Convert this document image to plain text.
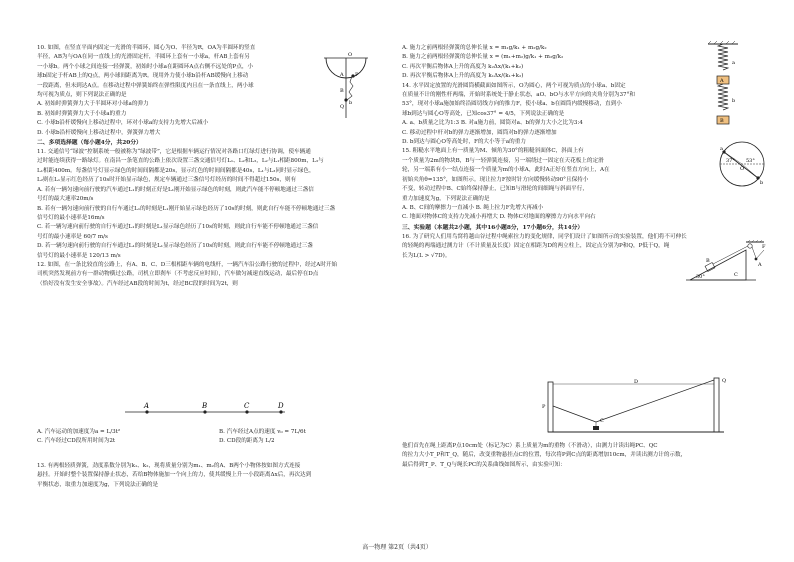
10. 如图，在竖直平面内固定一光滑的半圆环，圆心为O、半径为R，OA为半圆环的竖直

半径，AB为与OA在同一直线上的光滑固定杆，半圆环上套有一小球a，杆AB上套有另

一小球b。两个小球之间连接一轻弹簧，初始时小球a在距圆环A点右侧不远处的P点，小

球b固定于杆AB上的Q点，两小球间距离为R。现用外力使小球b沿杆AB缓慢向上移动

一段距离，但未到达A点。在移动过程中弹簧始终在弹性限度内且在一条直线上，两小球

均可视为质点，则下列说法正确的是

A. 初始时弹簧弹力大于半圆环对小球a的弹力

B. 初始时弹簧弹力大于小球a的重力

C. 小球b沿杆缓慢向上移动过程中，环对小球a的支持力先增大后减小

D. 小球b沿杆缓慢向上移动过程中，弹簧弹力增大

二、多项选择题（每小题4分，共20分）

11. 交通信号“绿波”控制系统一般被称为“绿波带”，它是根据车辆运行情况对各路口红绿灯进行协调，使车辆通

过时能连续获得一路绿灯。在南昌一条笔直的公路上依次设置三盏交通信号灯L₁、L₂和L₃，L₂与L₁相距800m，L₃与

L₁相距400m。每盏信号灯显示绿色的时间间隔都是20s，显示红色的时间间隔都是40s，L₁与L₃同时显示绿色，

L₂则在L₁显示红色经历了10s时开始显示绿色，规定车辆通过三盏信号灯经历的时间不得超过150s，则有

A. 若有一辆匀速向前行驶的汽车通过L₁的时刻正好是L₁刚开始显示绿色的时刻，则此汽车能不停顿地通过三盏信

号灯的最大速率20m/s

B. 若有一辆匀速向前行驶的自行车通过L₁的时刻是L₁刚开始显示绿色经历了10s的时刻，则此自行车能不停顿地通过三盏

信号灯的最小速率是16m/s

C. 若一辆匀速向前行驶的自行车通过L₁的时刻是L₁显示绿色经历了10s的时刻，则此自行车能不停顿地通过三盏信

号灯的最小速率是 60/7 m/s

D. 若一辆匀速向前行驶的自行车通过L₁的时刻是L₁显示绿色经历了10s的时刻，则此自行车能不停顿地通过三盏

信号灯的最小速率是 120/13 m/s

12. 如图，在一条比较直的公路上，有A、B、C、D三根相距车辆的电线杆，一辆汽车沿公路行驶的过程中，经过A时开始

司机突然发现前方有一群动物横过公路，司机立即刹车（不考虑反应时间），汽车做匀减速直线运动，最后停在D点

（恰好没有发生安全事故）。汽车经过AB段的时间为t，经过BC段的时间为2t，则

A	B	C	D

A. 汽车运动的加速度为a = L/3t²	B. 汽车经过A点的速度 v₀ = 7L/6t

C. 汽车经过CD段所用时间为2t	D. CD段的距离为 L/2

13. 有两根轻质弹簧，劲度系数分别为k₁、k₂，现将质量分别为m₁、m₂的A、B两个小物体按如图方式连接

悬挂。开始时整个装置保持静止状态，若给B物体施加一个向上的力，使其缓慢上升一小段距离Δx后，再次达到

平衡状态，取重力加速度为g，下列说法正确的是

O
A P
B
b
Q

A. 施力之前两根轻弹簧的总伸长量 x = m₁g/k₁ + m₂g/k₂

B. 施力之前两根轻弹簧的总伸长量 x = (m₁+m₂)g/k₁ + m₂g/k₂

C. 再次平衡后物体A上升的高度为 k₂Δx/(k₁+k₂)

D. 再次平衡后物体A上升的高度为 k₁Δx/(k₁+k₂)

14. 水平固定放置的光滑圆筒横截面如图所示，O为圆心，两个可视为质点的小球a、b固定

在质量不计的刚性杆两端，开始时系统处于静止状态，aO、bO与水平方向的夹角分别为37°和

53°，现对小球a施加始终沿圆切线方向的推力F，使小球a、b在圆筒内缓慢移动，直到小

球b到达与圆心O等高处，已知cos37° = 4/5，下列说法正确的是

A. a、b质量之比为1:3 B. 对a施力前，圆筒对a、b的弹力大小之比为3:4

C. 移动过程中杆对b的弹力逐渐增加，圆筒对b的弹力逐渐增加

D. b到达与圆心O等高处时，F的大小等于a的重力

15. 粗糙水平地面上有一质量为M、倾角为30°的粗糙斜面体C，斜面上有

一个质量为2m的物块B，B与一轻弹簧连接，另一端绕过一固定在天花板上的定滑

轮，另一端系有小一结点连接一个质量为m的小球A，此时A正好在竖直方向上，A在

初始夹角θ=135°，如图所示。现让拉力F按时针方向缓慢转动90°且保持小

不变，转动过程中B、C始终保持静止，已知B与滑轮的间细绳与斜面平行，

重力加速度为g，下列说法正确的是

A. B、C间的摩擦力一直减小 B. 绳上拉力F先增大再减小

C. 地面对物体C的支持力先减小再增大 D. 物体C对地面的摩擦力方向水平向右

三、实验题（本题共2小题，其中16小题8分，17小题6分，共14分）

16. 为了研究人们用鸟窝将越山谷过程中绳索拉力的变化规律，同学们设计了如图所示的实验装置，他们将不可伸长

的轻绳的两端通过测力计（不计质量及长度）固定在相距为D的两立柱上，固定点分别为P和Q，P低于Q，绳

长为L(L > √7D)。

a
A
b
B
a
37° 53°
O
b
A
B
C
30°
F
P
D	Q
C

他们首先在绳上距离P点10cm处（标记为C）系上质量为m的重物（不滑动），由测力计读出绳PC、QC

的拉力大小T_P和T_Q，随后，改变重物悬挂点C的位置，每次将P到C点的距离增加10cm，并读出测力计的示数，

最后得到T_P、T_Q与绳长PC的关系曲线如图所示，由实验可知：

高一物理 第2页（共4页）
